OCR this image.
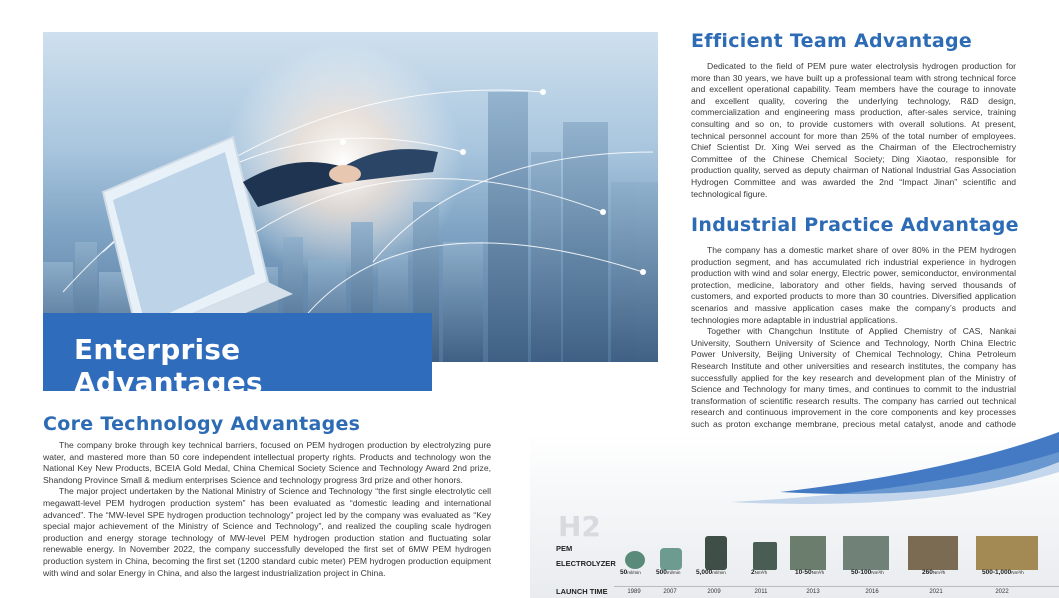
Enterprise Advantages
Efficient Team Advantage

Dedicated to the field of PEM pure water electrolysis hydrogen production for more than 30 years, we have built up a professional team with strong technical force and excellent operational capability. Team members have the courage to innovate and excellent quality, covering the underlying technology, R&D design, commercialization and engineering mass production, after-sales service, training consulting and so on, to provide customers with overall solutions. At present, technical personnel account for more than 25% of the total number of employees. Chief Scientist Dr. Xing Wei served as the Chairman of the Electrochemistry Committee of the Chinese Chemical Society; Ding Xiaotao, responsible for production quality, served as deputy chairman of National Industrial Gas Association Hydrogen Committee and was awarded the 2nd “Impact Jinan” scientific and technological figure.

Industrial Practice Advantage

The company has a domestic market share of over 80% in the PEM hydrogen production segment, and has accumulated rich industrial experience in hydrogen production with wind and solar energy, Electric power, semiconductor, environmental protection, medicine, laboratory and other fields, having served thousands of customers, and exported products to more than 30 countries. Diversified application scenarios and massive application cases make the company’s products and technologies more adaptable in industrial applications.

Together with Changchun Institute of Applied Chemistry of CAS, Nankai University, Southern University of Science and Technology, North China Electric Power University, Beijing University of Chemical Technology, China Petroleum Research Institute and other universities and research institutes, the company has successfully applied for the key research and development plan of the Ministry of Science and Technology for many times, and continues to commit to the industrial transformation of scientific research results. The company has carried out technical research and continuous improvement in the core components and key processes such as proton exchange membrane, precious metal catalyst, anode and cathode

Core Technology Advantages

The company broke through key technical barriers, focused on PEM hydrogen production by electrolyzing pure water, and mastered more than 50 core independent intellectual property rights. Products and technology won the National Key New Products, BCEIA Gold Medal, China Chemical Society Science and Technology Award 2nd prize, Shandong Province Small & medium enterprises Science and technology progress 3rd prize and other honors.

The major project undertaken by the National Ministry of Science and Technology “the first single electrolytic cell megawatt-level PEM hydrogen production system” has been evaluated as “domestic leading and international advanced”. The “MW-level SPE hydrogen production technology” project led by the company was evaluated as “Key special major achievement of the Ministry of Science and Technology”, and realized the coupling scale hydrogen production and energy storage technology of MW-level PEM hydrogen production station and fluctuating solar renewable energy. In November 2022, the company successfully developed the first set of 6MW PEM hydrogen production system in China, becoming the first set (1200 standard cubic meter) PEM hydrogen production equipment with wind and solar Energy in China, and also the largest industrialization project in China.

H2
PEM
ELECTROLYZER
LAUNCH TIME
50ml/min 500ml/min 5,000ml/min	2Nm³/h	10-50Nm³/h	50-100Nm³/h	260Nm³/h	500-1,000Nm³/h
1989	2007	2009	2011	2013	2016	2021	2022
